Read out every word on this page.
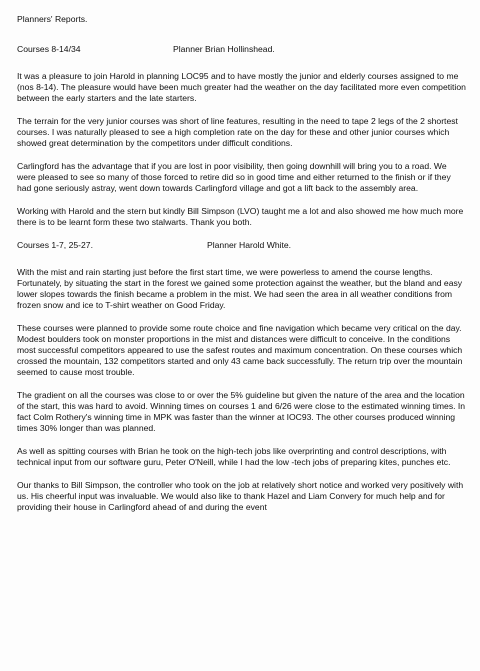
Planners' Reports.
Courses 8-14/34	Planner Brian Hollinshead.

It was a pleasure to join Harold in planning LOC95 and to have mostly the junior and elderly courses assigned to me (nos 8-14). The pleasure would have been much greater had the weather on the day facilitated more even competition between the early starters and the late starters.

The terrain for the very junior courses was short of line features, resulting in the need to tape 2 legs of the 2 shortest courses. I was naturally pleased to see a high completion rate on the day for these and other junior courses which showed great determination by the competitors under difficult conditions.

Carlingford has the advantage that if you are lost in poor visibility, then going downhill will bring you to a road. We were pleased to see so many of those forced to retire did so in good time and either returned to the finish or if they had gone seriously astray, went down towards Carlingford village and got a lift back to the assembly area.

Working with Harold and the stern but kindly Bill Simpson (LVO) taught me a lot and also showed me how much more there is to be learnt form these two stalwarts. Thank you both.

Courses 1-7, 25-27.	Planner Harold White.

With the mist and rain starting just before the first start time, we were powerless to amend the course lengths. Fortunately, by situating the start in the forest we gained some protection against the weather, but the bland and easy lower slopes towards the finish became a problem in the mist. We had seen the area in all weather conditions from frozen snow and ice to T-shirt weather on Good Friday.

These courses were planned to provide some route choice and fine navigation which became very critical on the day. Modest boulders took on monster proportions in the mist and distances were difficult to conceive. In the conditions most successful competitors appeared to use the safest routes and maximum concentration. On these courses which crossed the mountain, 132 competitors started and only 43 came back successfully. The return trip over the mountain seemed to cause most trouble.

The gradient on all the courses was close to or over the 5% guideline but given the nature of the area and the location of the start, this was hard to avoid. Winning times on courses 1 and 6/26 were close to the estimated winning times. In fact Colm Rothery's winning time in MPK was faster than the winner at IOC93. The other courses produced winning times 30% longer than was planned.

As well as spitting courses with Brian he took on the high-tech jobs like overprinting and control descriptions, with technical input from our software guru, Peter O'Neill, while I had the low -tech jobs of preparing kites, punches etc.

Our thanks to Bill Simpson, the controller who took on the job at relatively short notice and worked very positively with us. His cheerful input was invaluable. We would also like to thank Hazel and Liam Convery for much help and for providing their house in Carlingford ahead of and during the event
